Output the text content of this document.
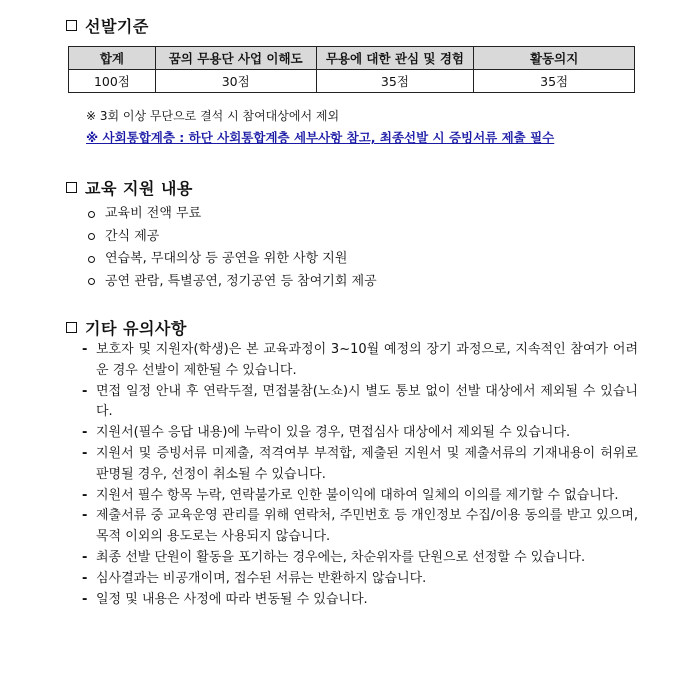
선발기준
합계	꿈의 무용단 사업 이해도	무용에 대한 관심 및 경험	활동의지
100점	30점	35점	35점
※ 3회 이상 무단으로 결석 시 참여대상에서 제외
※ 사회통합계층 : 하단 사회통합계층 세부사항 참고, 최종선발 시 증빙서류 제출 필수
교육 지원 내용
교육비 전액 무료
간식 제공
연습복, 무대의상 등 공연을 위한 사항 지원
공연 관람, 특별공연, 정기공연 등 참여기회 제공
기타 유의사항
- 보호자 및 지원자(학생)은 본 교육과정이 3~10월 예정의 장기 과정으로, 지속적인 참여가 어려운 경우 선발이 제한될 수 있습니다.
- 면접 일정 안내 후 연락두절, 면접불참(노쇼)시 별도 통보 없이 선발 대상에서 제외될 수 있습니다.
- 지원서(필수 응답 내용)에 누락이 있을 경우, 면접심사 대상에서 제외될 수 있습니다.
- 지원서 및 증빙서류 미제출, 적격여부 부적합, 제출된 지원서 및 제출서류의 기재내용이 허위로 판명될 경우, 선정이 취소될 수 있습니다.
- 지원서 필수 항목 누락, 연락불가로 인한 불이익에 대하여 일체의 이의를 제기할 수 없습니다.
- 제출서류 중 교육운영 관리를 위해 연락처, 주민번호 등 개인정보 수집/이용 동의를 받고 있으며, 목적 이외의 용도로는 사용되지 않습니다.
- 최종 선발 단원이 활동을 포기하는 경우에는, 차순위자를 단원으로 선정할 수 있습니다.
- 심사결과는 비공개이며, 접수된 서류는 반환하지 않습니다.
- 일정 및 내용은 사정에 따라 변동될 수 있습니다.
